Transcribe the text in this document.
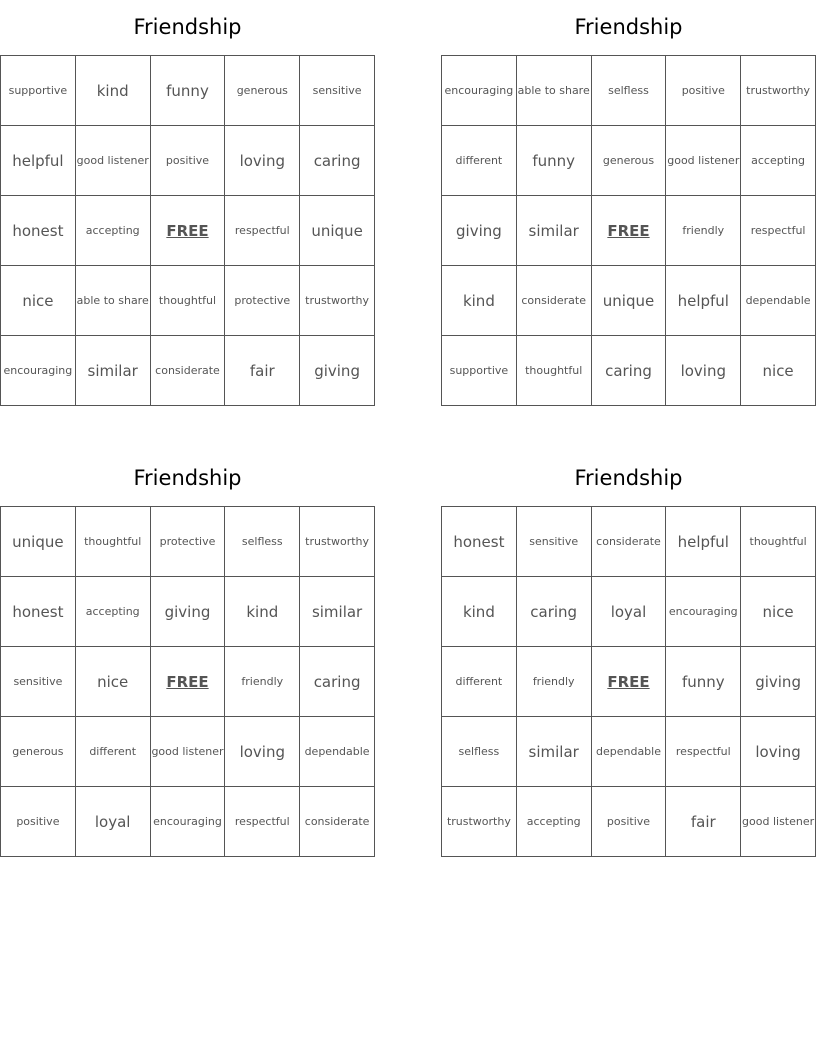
Friendship
supportive	kind	funny	generous	sensitive
helpful	good listener	positive	loving	caring
honest	accepting	FREE	respectful	unique
nice	able to share	thoughtful	protective	trustworthy
encouraging	similar	considerate	fair	giving
Friendship
encouraging	able to share	selfless	positive	trustworthy
different	funny	generous	good listener	accepting
giving	similar	FREE	friendly	respectful
kind	considerate	unique	helpful	dependable
supportive	thoughtful	caring	loving	nice
Friendship
unique	thoughtful	protective	selfless	trustworthy
honest	accepting	giving	kind	similar
sensitive	nice	FREE	friendly	caring
generous	different	good listener	loving	dependable
positive	loyal	encouraging	respectful	considerate
Friendship
honest	sensitive	considerate	helpful	thoughtful
kind	caring	loyal	encouraging	nice
different	friendly	FREE	funny	giving
selfless	similar	dependable	respectful	loving
trustworthy	accepting	positive	fair	good listener
